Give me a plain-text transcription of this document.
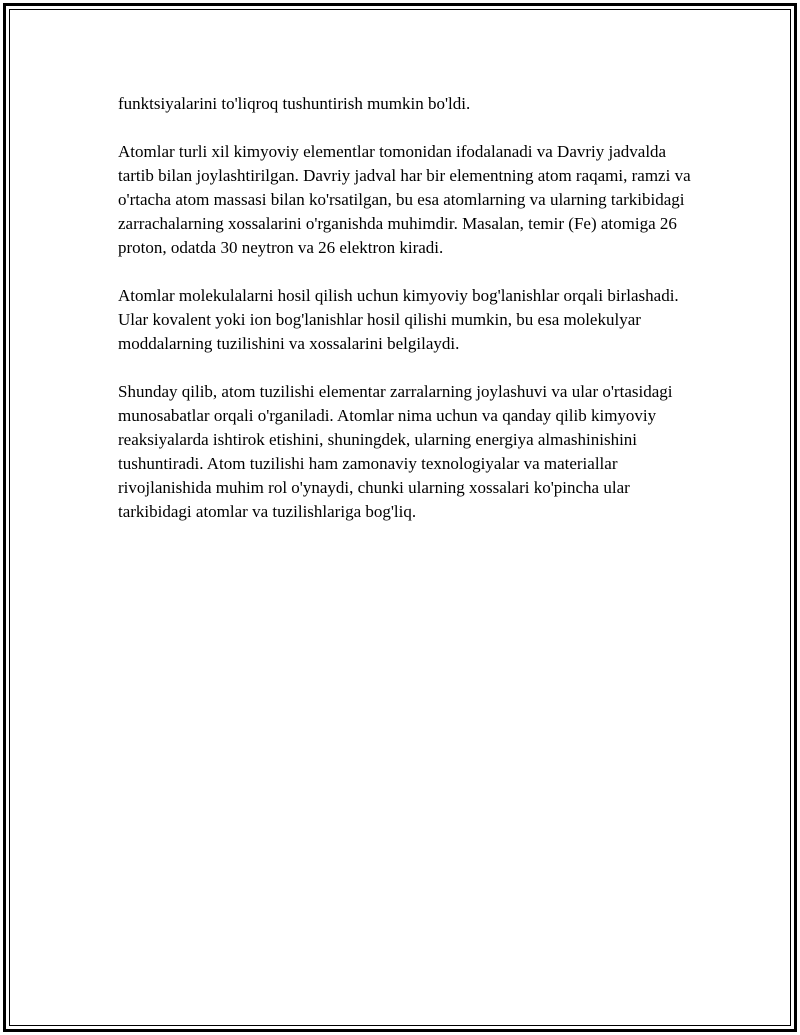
funktsiyalarini to'liqroq tushuntirish mumkin bo'ldi.

Atomlar turli xil kimyoviy elementlar tomonidan ifodalanadi va Davriy jadvalda tartib bilan joylashtirilgan. Davriy jadval har bir elementning atom raqami, ramzi va o'rtacha atom massasi bilan ko'rsatilgan, bu esa atomlarning va ularning tarkibidagi zarrachalarning xossalarini o'rganishda muhimdir. Masalan, temir (Fe) atomiga 26 proton, odatda 30 neytron va 26 elektron kiradi.

Atomlar molekulalarni hosil qilish uchun kimyoviy bog'lanishlar orqali birlashadi. Ular kovalent yoki ion bog'lanishlar hosil qilishi mumkin, bu esa molekulyar moddalarning tuzilishini va xossalarini belgilaydi.

Shunday qilib, atom tuzilishi elementar zarralarning joylashuvi va ular o'rtasidagi munosabatlar orqali o'rganiladi. Atomlar nima uchun va qanday qilib kimyoviy reaksiyalarda ishtirok etishini, shuningdek, ularning energiya almashinishini tushuntiradi. Atom tuzilishi ham zamonaviy texnologiyalar va materiallar rivojlanishida muhim rol o'ynaydi, chunki ularning xossalari ko'pincha ular tarkibidagi atomlar va tuzilishlariga bog'liq.
